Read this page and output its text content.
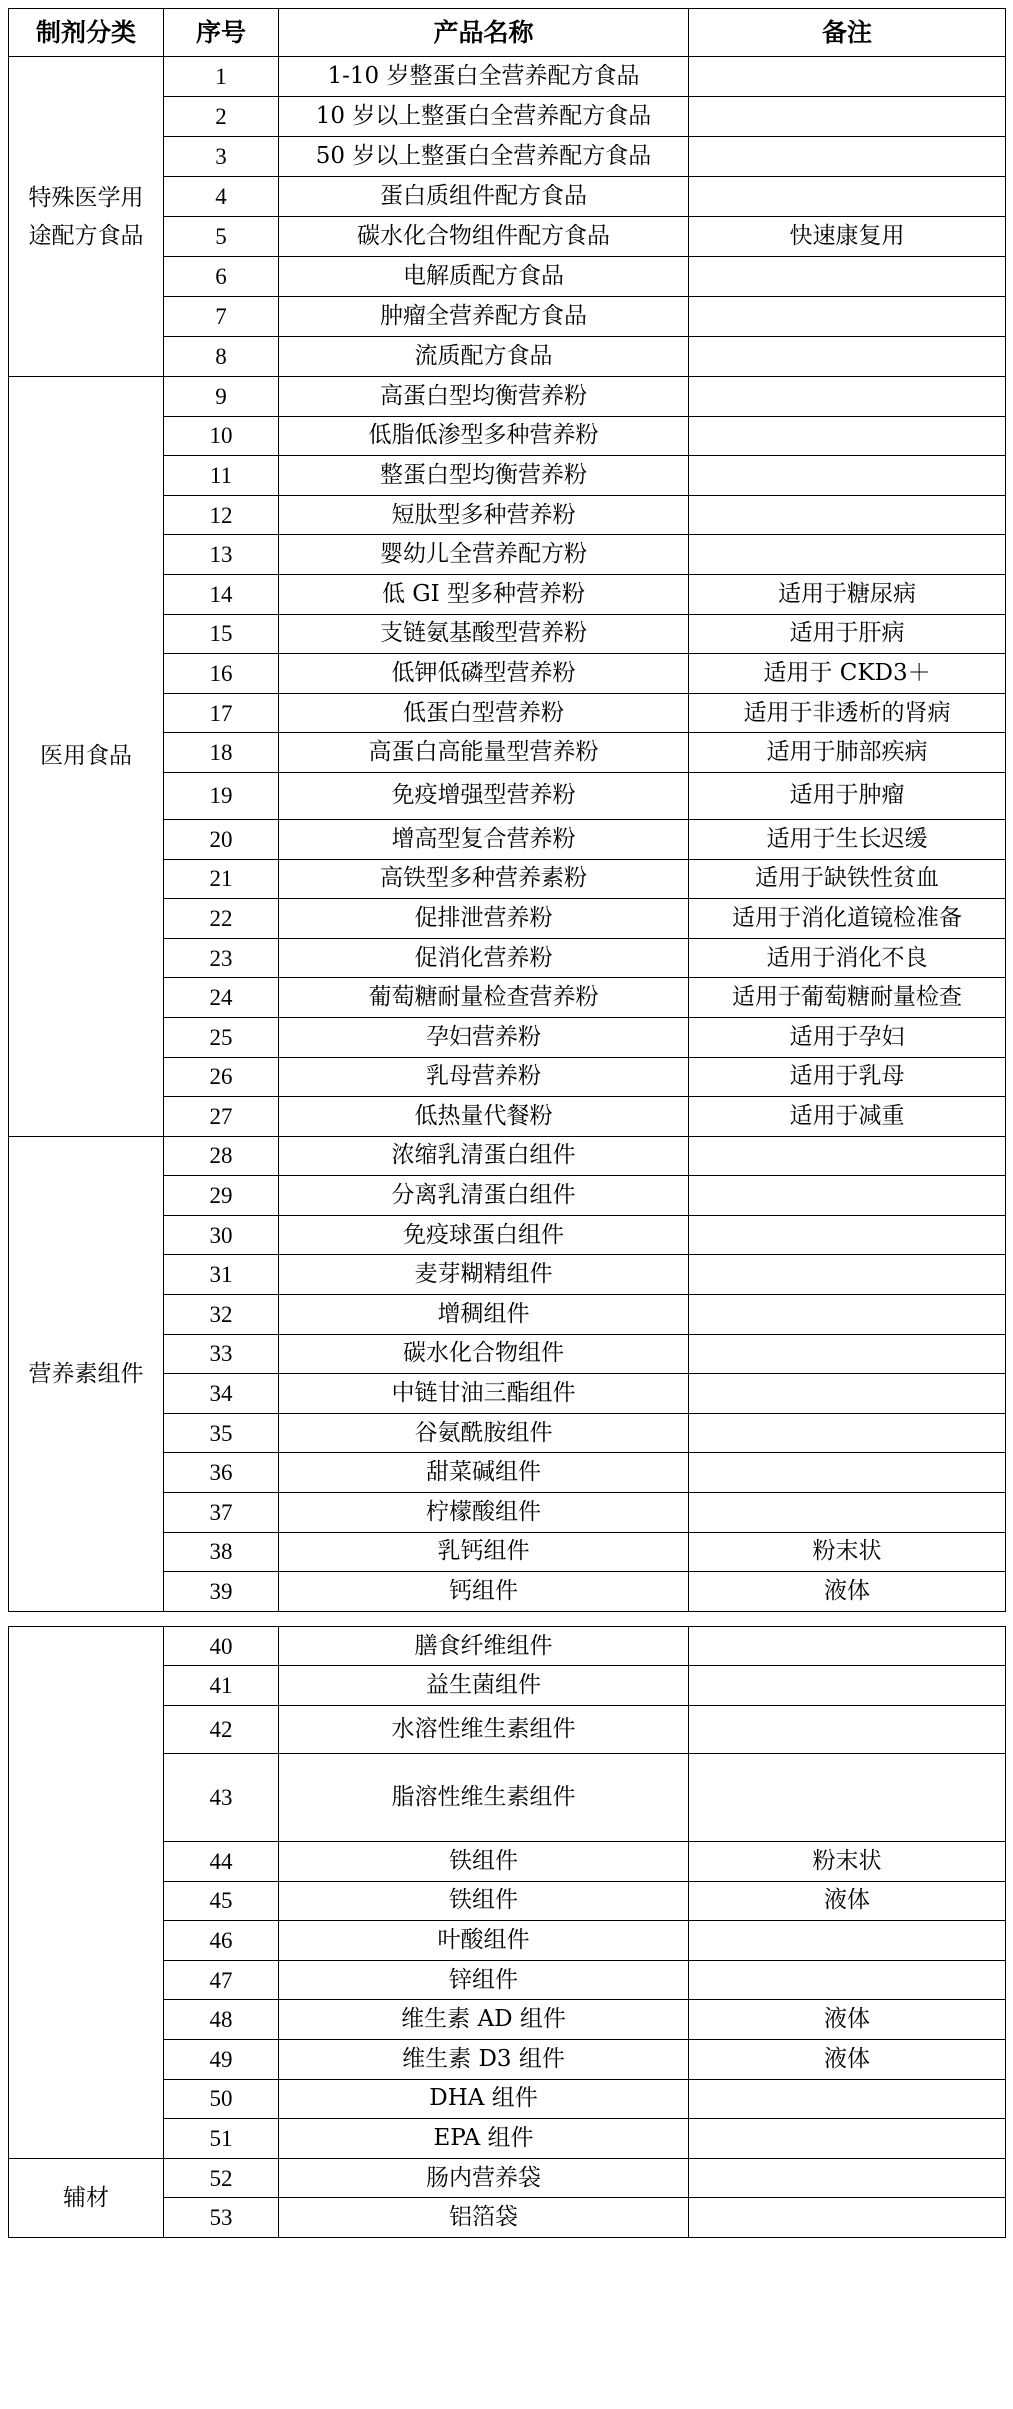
制剂分类	序号	产品名称	备注
特殊医学用途配方食品	1	1-10 岁整蛋白全营养配方食品	
	2	10 岁以上整蛋白全营养配方食品	
	3	50 岁以上整蛋白全营养配方食品	
	4	蛋白质组件配方食品	
	5	碳水化合物组件配方食品	快速康复用
	6	电解质配方食品	
	7	肿瘤全营养配方食品	
	8	流质配方食品	
医用食品	9	高蛋白型均衡营养粉	
	10	低脂低渗型多种营养粉	
	11	整蛋白型均衡营养粉	
	12	短肽型多种营养粉	
	13	婴幼儿全营养配方粉	
	14	低 GI 型多种营养粉	适用于糖尿病
	15	支链氨基酸型营养粉	适用于肝病
	16	低钾低磷型营养粉	适用于 CKD3＋
	17	低蛋白型营养粉	适用于非透析的肾病
	18	高蛋白高能量型营养粉	适用于肺部疾病
	19	免疫增强型营养粉	适用于肿瘤
	20	增高型复合营养粉	适用于生长迟缓
	21	高铁型多种营养素粉	适用于缺铁性贫血
	22	促排泄营养粉	适用于消化道镜检准备
	23	促消化营养粉	适用于消化不良
	24	葡萄糖耐量检查营养粉	适用于葡萄糖耐量检查
	25	孕妇营养粉	适用于孕妇
	26	乳母营养粉	适用于乳母
	27	低热量代餐粉	适用于减重
营养素组件	28	浓缩乳清蛋白组件	
	29	分离乳清蛋白组件	
	30	免疫球蛋白组件	
	31	麦芽糊精组件	
	32	增稠组件	
	33	碳水化合物组件	
	34	中链甘油三酯组件	
	35	谷氨酰胺组件	
	36	甜菜碱组件	
	37	柠檬酸组件	
	38	乳钙组件	粉末状
	39	钙组件	液体

	40	膳食纤维组件	
	41	益生菌组件	
	42	水溶性维生素组件	
	43	脂溶性维生素组件	
	44	铁组件	粉末状
	45	铁组件	液体
	46	叶酸组件	
	47	锌组件	
	48	维生素 AD 组件	液体
	49	维生素 D3 组件	液体
	50	DHA 组件	
	51	EPA 组件	
辅材	52	肠内营养袋	
	53	铝箔袋	
